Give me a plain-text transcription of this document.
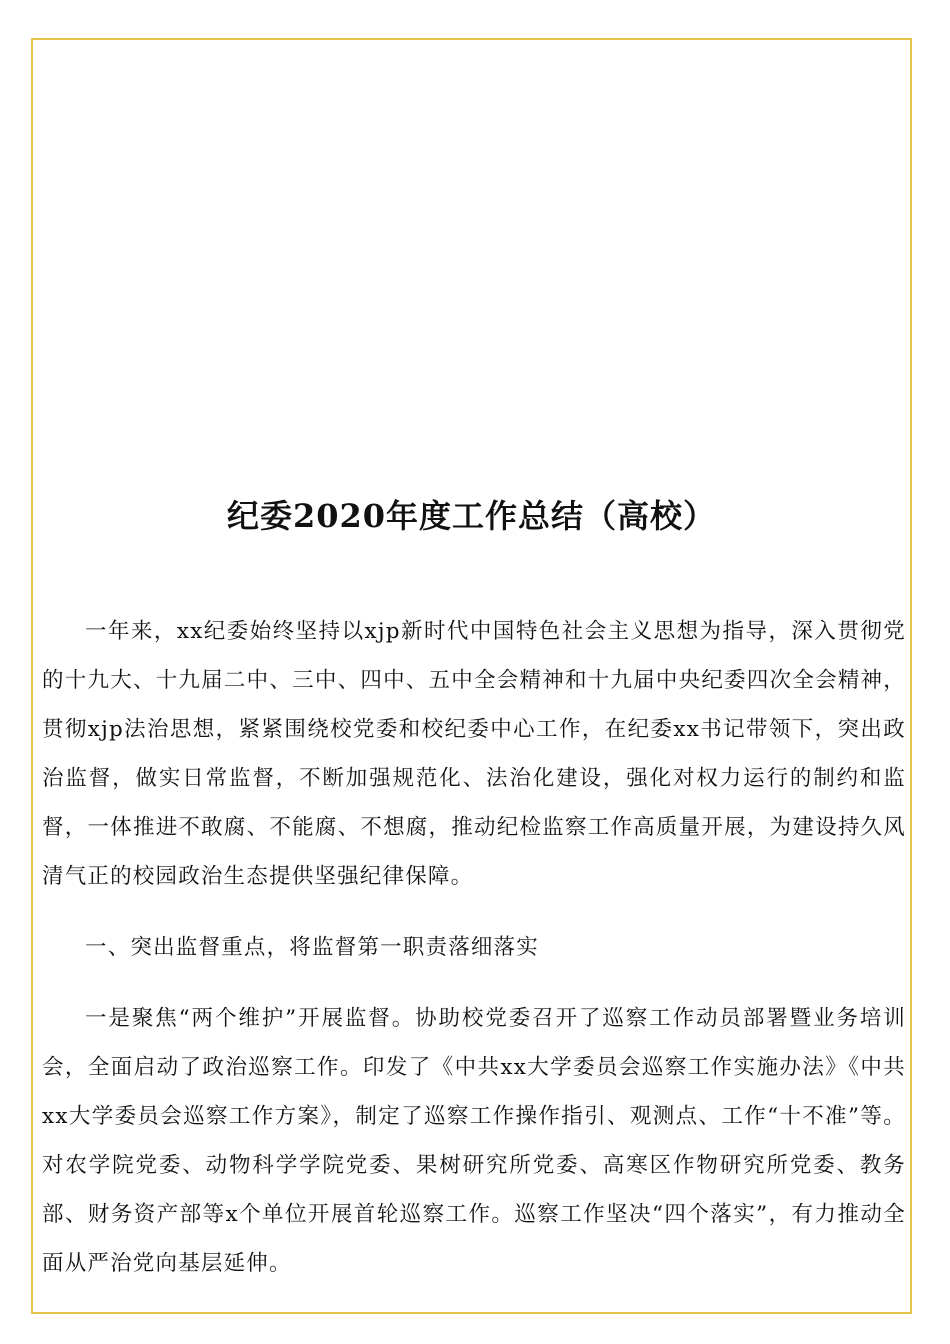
纪委2020年度工作总结（高校）

一年来，xx纪委始终坚持以xjp新时代中国特色社会主义思想为指导，深入贯彻党的十九大、十九届二中、三中、四中、五中全会精神和十九届中央纪委四次全会精神，贯彻xjp法治思想，紧紧围绕校党委和校纪委中心工作，在纪委xx书记带领下，突出政治监督，做实日常监督，不断加强规范化、法治化建设，强化对权力运行的制约和监督，一体推进不敢腐、不能腐、不想腐，推动纪检监察工作高质量开展，为建设持久风清气正的校园政治生态提供坚强纪律保障。

一、突出监督重点，将监督第一职责落细落实

一是聚焦“两个维护”开展监督。协助校党委召开了巡察工作动员部署暨业务培训会，全面启动了政治巡察工作。印发了《中共xx大学委员会巡察工作实施办法》《中共xx大学委员会巡察工作方案》，制定了巡察工作操作指引、观测点、工作“十不准”等。对农学院党委、动物科学学院党委、果树研究所党委、高寒区作物研究所党委、教务部、财务资产部等x个单位开展首轮巡察工作。巡察工作坚决“四个落实”，有力推动全面从严治党向基层延伸。
